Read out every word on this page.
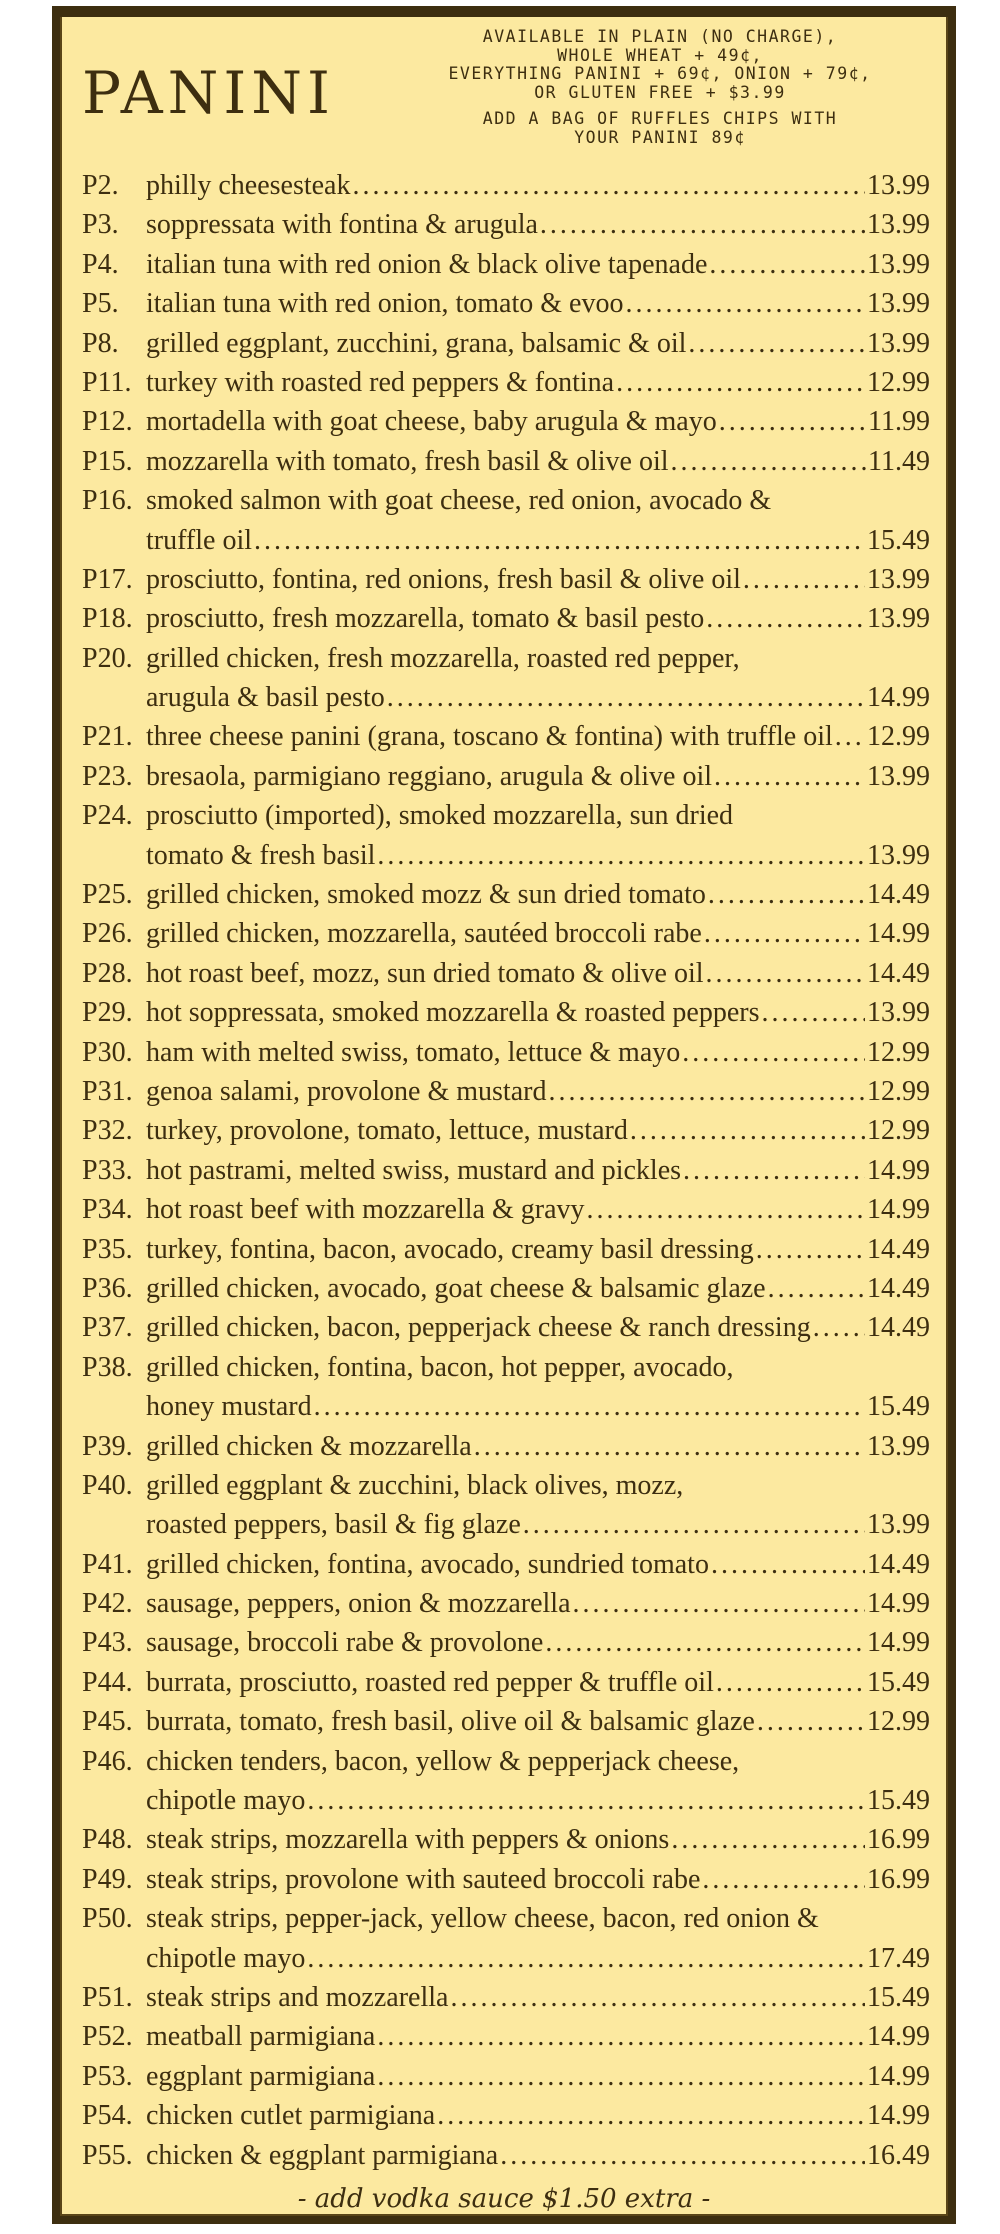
PANINI
AVAILABLE IN PLAIN (NO CHARGE),
WHOLE WHEAT + 49¢,
EVERYTHING PANINI + 69¢, ONION + 79¢,
OR GLUTEN FREE + $3.99
ADD A BAG OF RUFFLES CHIPS WITH
YOUR PANINI 89¢
P2. philly cheesesteak . . .	13.99
P3. soppressata with fontina & arugula . . .	13.99
P4. italian tuna with red onion & black olive tapenade . . .	13.99
P5. italian tuna with red onion, tomato & evoo . . .	13.99
P8. grilled eggplant, zucchini, grana, balsamic & oil . . .	13.99
P11. turkey with roasted red peppers & fontina . . .	12.99
P12. mortadella with goat cheese, baby arugula & mayo . . .	11.99
P15. mozzarella with tomato, fresh basil & olive oil . . .	11.49
P16. smoked salmon with goat cheese, red onion, avocado &
truffle oil . . .	15.49
P17. prosciutto, fontina, red onions, fresh basil & olive oil . . .	13.99
P18. prosciutto, fresh mozzarella, tomato & basil pesto . . .	13.99
P20. grilled chicken, fresh mozzarella, roasted red pepper,
arugula & basil pesto . . .	14.99
P21. three cheese panini (grana, toscano & fontina) with truffle oil . . . 12.99
P23. bresaola, parmigiano reggiano, arugula & olive oil . . .	13.99
P24. prosciutto (imported), smoked mozzarella, sun dried
tomato & fresh basil . . .	13.99
P25. grilled chicken, smoked mozz & sun dried tomato . . .	14.49
P26. grilled chicken, mozzarella, sautéed broccoli rabe . . .	14.99
P28. hot roast beef, mozz, sun dried tomato & olive oil . . .	14.49
P29. hot soppressata, smoked mozzarella & roasted peppers . . .	13.99
P30. ham with melted swiss, tomato, lettuce & mayo . . .	12.99
P31. genoa salami, provolone & mustard . . .	12.99
P32. turkey, provolone, tomato, lettuce, mustard . . .	12.99
P33. hot pastrami, melted swiss, mustard and pickles . . .	14.99
P34. hot roast beef with mozzarella & gravy . . .	14.99
P35. turkey, fontina, bacon, avocado, creamy basil dressing . . .	14.49
P36. grilled chicken, avocado, goat cheese & balsamic glaze . . .	14.49
P37. grilled chicken, bacon, pepperjack cheese & ranch dressing . . . 14.49
P38. grilled chicken, fontina, bacon, hot pepper, avocado,
honey mustard . . .	15.49
P39. grilled chicken & mozzarella . . .	13.99
P40. grilled eggplant & zucchini, black olives, mozz,
roasted peppers, basil & fig glaze . . .	13.99
P41. grilled chicken, fontina, avocado, sundried tomato . . .	14.49
P42. sausage, peppers, onion & mozzarella . . .	14.99
P43. sausage, broccoli rabe & provolone . . .	14.99
P44. burrata, prosciutto, roasted red pepper & truffle oil . . .	15.49
P45. burrata, tomato, fresh basil, olive oil & balsamic glaze . . .	12.99
P46. chicken tenders, bacon, yellow & pepperjack cheese,
chipotle mayo . . .	15.49
P48. steak strips, mozzarella with peppers & onions . . .	16.99
P49. steak strips, provolone with sauteed broccoli rabe . . .	16.99
P50. steak strips, pepper-jack, yellow cheese, bacon, red onion &
chipotle mayo . . .	17.49
P51. steak strips and mozzarella . . .	15.49
P52. meatball parmigiana . . .	14.99
P53. eggplant parmigiana . . .	14.99
P54. chicken cutlet parmigiana . . .	14.99
P55. chicken & eggplant parmigiana . . .	16.49
- add vodka sauce $1.50 extra -
